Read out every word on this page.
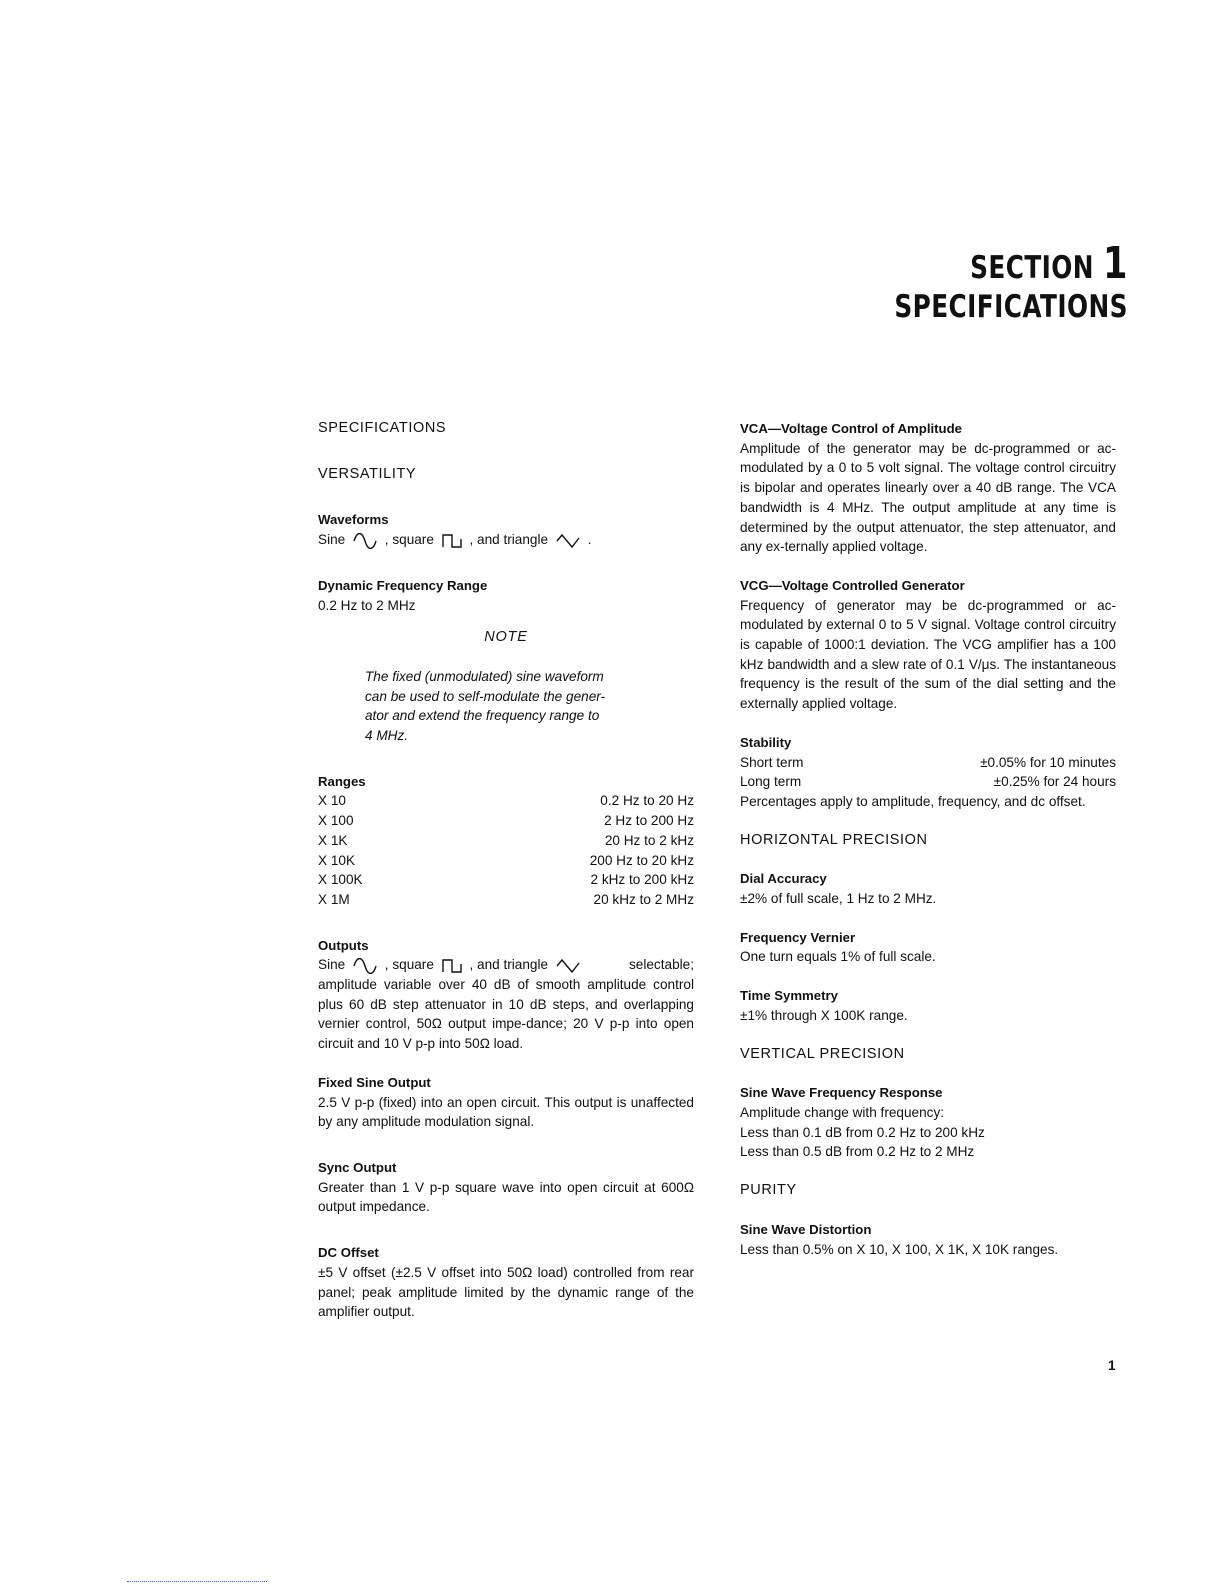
SECTION 1
SPECIFICATIONS
SPECIFICATIONS
VERSATILITY
Waveforms

Sine	, square	, and triangle	.

Dynamic Frequency Range

0.2 Hz to 2 MHz

NOTE
The fixed (unmodulated) sine waveform
can be used to self-modulate the gener-
ator and extend the frequency range to
4 MHz.
Ranges
X 10	0.2 Hz to 20 Hz
X 100	2 Hz to 200 Hz
X 1K	20 Hz to 2 kHz
X 10K	200 Hz to 20 kHz
X 100K	2 kHz to 200 kHz
X 1M	20 kHz to 2 MHz
Outputs

Sine	, square	, and triangle	selectable;

amplitude variable over 40 dB of smooth amplitude control plus 60 dB step attenuator in 10 dB steps, and overlapping vernier control, 50Ω output impe-dance; 20 V p-p into open circuit and 10 V p-p into 50Ω load.

Fixed Sine Output

2.5 V p-p (fixed) into an open circuit. This output is unaffected by any amplitude modulation signal.

Sync Output

Greater than 1 V p-p square wave into open circuit at 600Ω output impedance.

DC Offset

±5 V offset (±2.5 V offset into 50Ω load) controlled from rear panel; peak amplitude limited by the dynamic range of the amplifier output.

VCA—Voltage Control of Amplitude

Amplitude of the generator may be dc-programmed or ac-modulated by a 0 to 5 volt signal. The voltage control circuitry is bipolar and operates linearly over a 40 dB range. The VCA bandwidth is 4 MHz. The output amplitude at any time is determined by the output attenuator, the step attenuator, and any ex-ternally applied voltage.

VCG—Voltage Controlled Generator

Frequency of generator may be dc-programmed or ac-modulated by external 0 to 5 V signal. Voltage control circuitry is capable of 1000:1 deviation. The VCG amplifier has a 100 kHz bandwidth and a slew rate of 0.1 V/μs. The instantaneous frequency is the result of the sum of the dial setting and the externally applied voltage.

Stability
Short term	±0.05% for 10 minutes
Long term	±0.25% for 24 hours

Percentages apply to amplitude, frequency, and dc offset.

HORIZONTAL PRECISION
Dial Accuracy

±2% of full scale, 1 Hz to 2 MHz.

Frequency Vernier

One turn equals 1% of full scale.

Time Symmetry

±1% through X 100K range.

VERTICAL PRECISION
Sine Wave Frequency Response
Amplitude change with frequency:
Less than 0.1 dB from 0.2 Hz to 200 kHz
Less than 0.5 dB from 0.2 Hz to 2 MHz
PURITY
Sine Wave Distortion

Less than 0.5% on X 10, X 100, X 1K, X 10K ranges.

1
